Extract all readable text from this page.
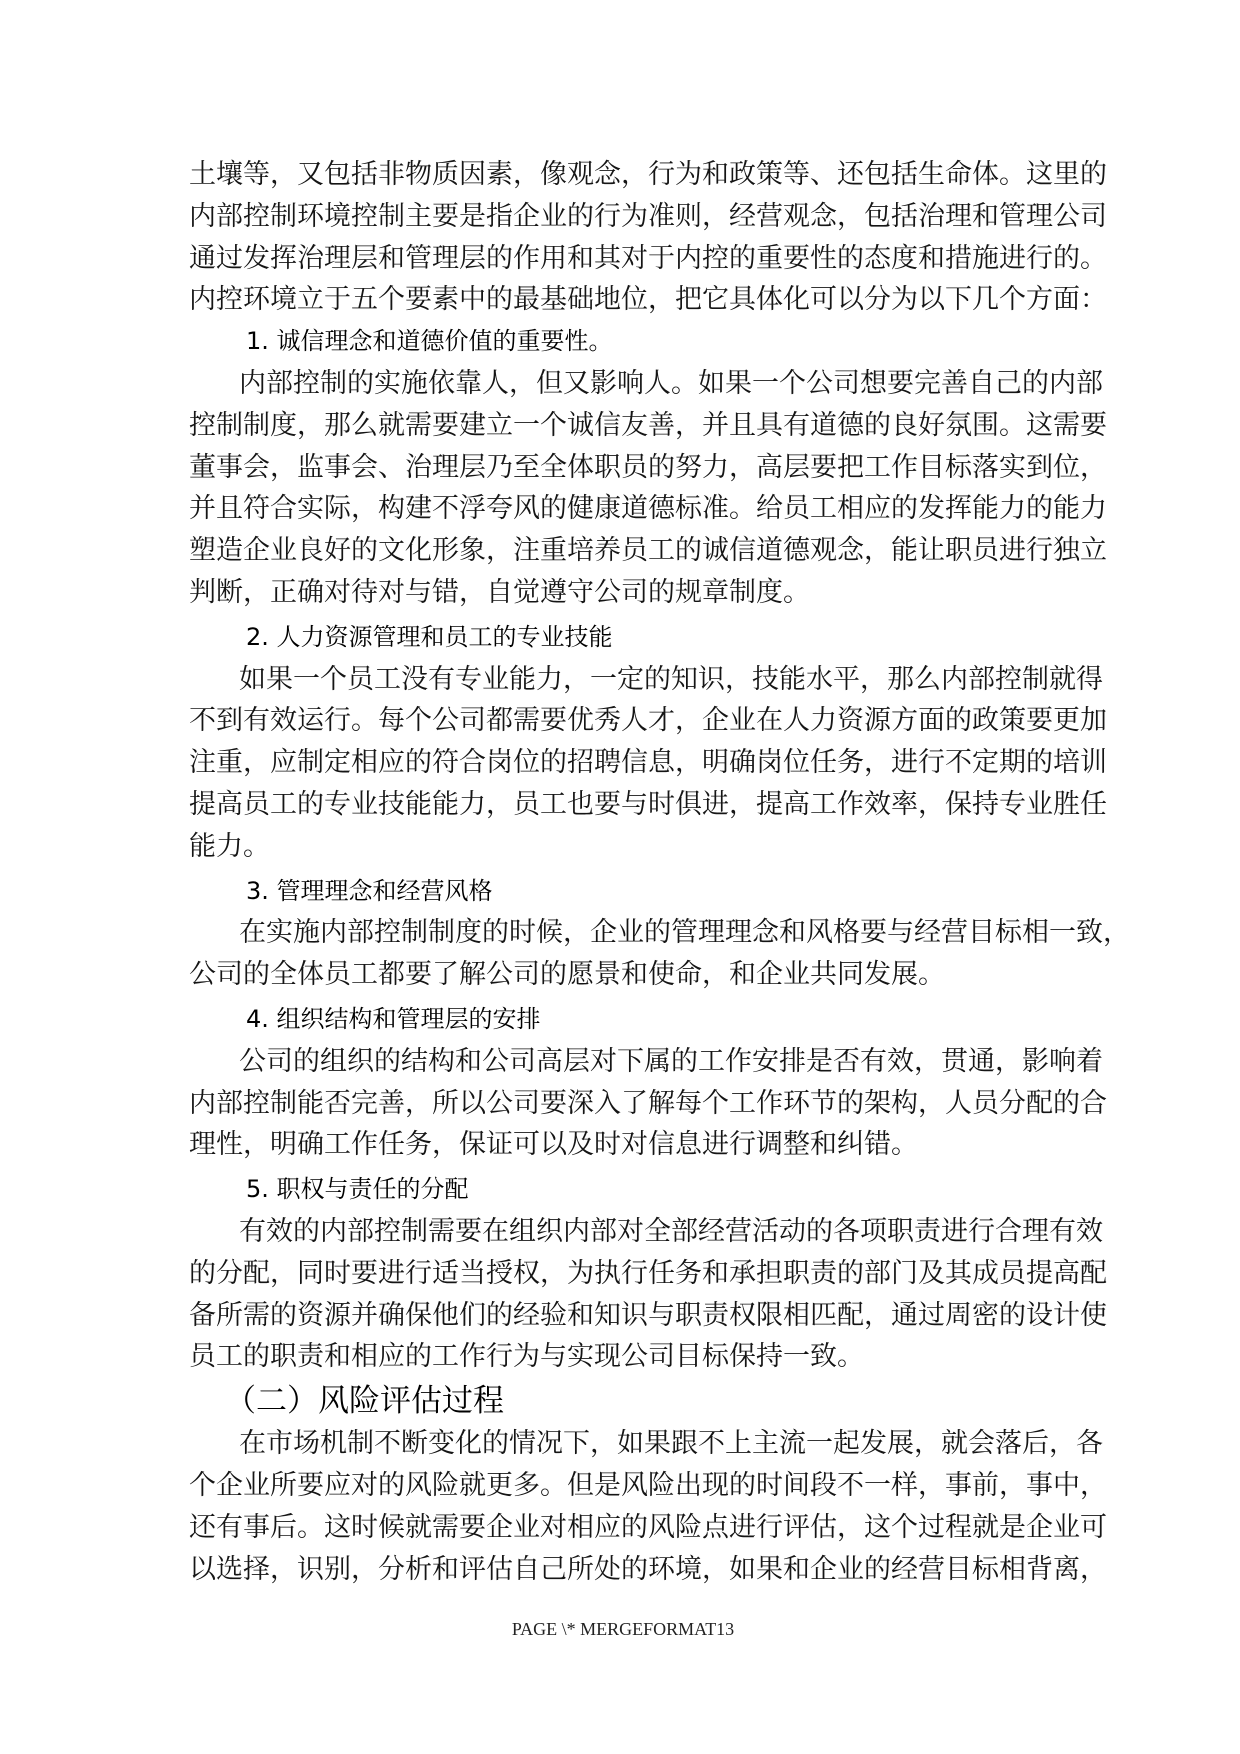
土壤等，又包括非物质因素，像观念，行为和政策等、还包括生命体。这里的
内部控制环境控制主要是指企业的行为准则，经营观念，包括治理和管理公司
通过发挥治理层和管理层的作用和其对于内控的重要性的态度和措施进行的。
内控环境立于五个要素中的最基础地位，把它具体化可以分为以下几个方面：
1. 诚信理念和道德价值的重要性。
内部控制的实施依靠人，但又影响人。如果一个公司想要完善自己的内部
控制制度，那么就需要建立一个诚信友善，并且具有道德的良好氛围。这需要
董事会，监事会、治理层乃至全体职员的努力，高层要把工作目标落实到位，
并且符合实际，构建不浮夸风的健康道德标准。给员工相应的发挥能力的能力
塑造企业良好的文化形象，注重培养员工的诚信道德观念，能让职员进行独立
判断，正确对待对与错，自觉遵守公司的规章制度。
2. 人力资源管理和员工的专业技能
如果一个员工没有专业能力，一定的知识，技能水平，那么内部控制就得
不到有效运行。每个公司都需要优秀人才，企业在人力资源方面的政策要更加
注重，应制定相应的符合岗位的招聘信息，明确岗位任务，进行不定期的培训
提高员工的专业技能能力，员工也要与时俱进，提高工作效率，保持专业胜任
能力。
3. 管理理念和经营风格
在实施内部控制制度的时候，企业的管理理念和风格要与经营目标相一致，
公司的全体员工都要了解公司的愿景和使命，和企业共同发展。
4. 组织结构和管理层的安排
公司的组织的结构和公司高层对下属的工作安排是否有效，贯通，影响着
内部控制能否完善，所以公司要深入了解每个工作环节的架构，人员分配的合
理性，明确工作任务，保证可以及时对信息进行调整和纠错。
5. 职权与责任的分配
有效的内部控制需要在组织内部对全部经营活动的各项职责进行合理有效
的分配，同时要进行适当授权，为执行任务和承担职责的部门及其成员提高配
备所需的资源并确保他们的经验和知识与职责权限相匹配，通过周密的设计使
员工的职责和相应的工作行为与实现公司目标保持一致。
（二）风险评估过程
在市场机制不断变化的情况下，如果跟不上主流一起发展，就会落后，各
个企业所要应对的风险就更多。但是风险出现的时间段不一样，事前，事中，
还有事后。这时候就需要企业对相应的风险点进行评估，这个过程就是企业可
以选择，识别，分析和评估自己所处的环境，如果和企业的经营目标相背离，
PAGE \* MERGEFORMAT13
